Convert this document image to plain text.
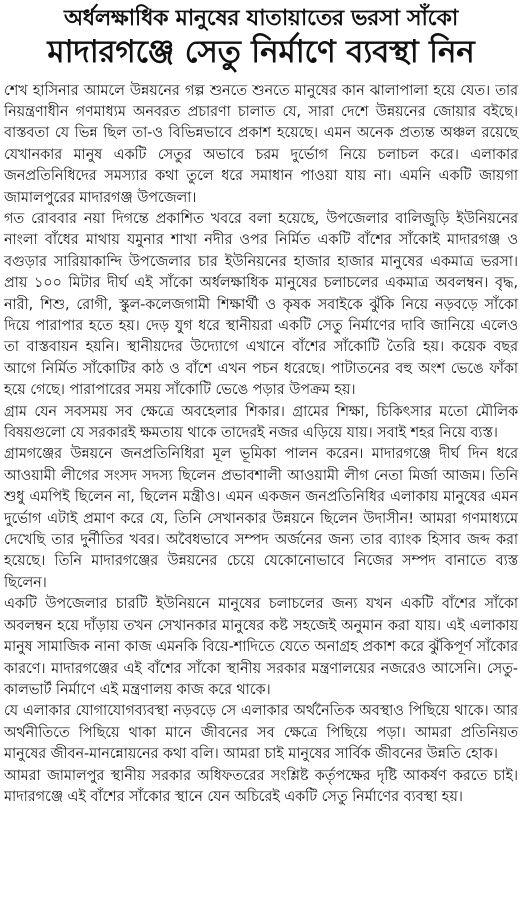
অর্ধলক্ষাধিক মানুষের যাতায়াতের ভরসা সাঁকো
মাদারগঞ্জে সেতু নির্মাণে ব্যবস্থা নিন

শেখ হাসিনার আমলে উন্নয়নের গল্প শুনতে শুনতে মানুষের কান ঝালাপালা হয়ে যেত। তার নিয়ন্ত্রণাধীন গণমাধ্যম অনবরত প্রচারণা চালাত যে, সারা দেশে উন্নয়নের জোয়ার বইছে। বাস্তবতা যে ভিন্ন ছিল তা-ও বিভিন্নভাবে প্রকাশ হয়েছে। এমন অনেক প্রত্যন্ত অঞ্চল রয়েছে যেখানকার মানুষ একটি সেতুর অভাবে চরম দুর্ভোগ নিয়ে চলাচল করে। এলাকার জনপ্রতিনিধিদের সমস্যার কথা তুলে ধরে সমাধান পাওয়া যায় না। এমনি একটি জায়গা জামালপুরের মাদারগঞ্জ উপজেলা।

গত রোববার নয়া দিগন্তে প্রকাশিত খবরে বলা হয়েছে, উপজেলার বালিজুড়ি ইউনিয়নের নাংলা বাঁধের মাথায় যমুনার শাখা নদীর ওপর নির্মিত একটি বাঁশের সাঁকোই মাদারগঞ্জ ও বগুড়ার সারিয়াকান্দি উপজেলার চার ইউনিয়নের হাজার হাজার মানুষের একমাত্র ভরসা। প্রায় ১০০ মিটার দীর্ঘ এই সাঁকো অর্ধলক্ষাধিক মানুষের চলাচলের একমাত্র অবলম্বন। বৃদ্ধ, নারী, শিশু, রোগী, স্কুল-কলেজগামী শিক্ষার্থী ও কৃষক সবাইকে ঝুঁকি নিয়ে নড়বড়ে সাঁকো দিয়ে পারাপার হতে হয়। দেড় যুগ ধরে স্থানীয়রা একটি সেতু নির্মাণের দাবি জানিয়ে এলেও তা বাস্তবায়ন হয়নি। স্থানীয়দের উদ্যোগে এখানে বাঁশের সাঁকোটি তৈরি হয়। কয়েক বছর আগে নির্মিত সাঁকোটির কাঠ ও বাঁশে এখন পচন ধরেছে। পাটাতনের বহু অংশ ভেঙে ফাঁকা হয়ে গেছে। পারাপারের সময় সাঁকোটি ভেঙে পড়ার উপক্রম হয়।

গ্রাম যেন সবসময় সব ক্ষেত্রে অবহেলার শিকার। গ্রামের শিক্ষা, চিকিৎসার মতো মৌলিক বিষয়গুলো যে সরকারই ক্ষমতায় থাকে তাদেরই নজর এড়িয়ে যায়। সবাই শহর নিয়ে ব্যস্ত।

গ্রামগঞ্জের উন্নয়নে জনপ্রতিনিধিরা মূল ভূমিকা পালন করেন। মাদারগঞ্জে দীর্ঘ দিন ধরে আওয়ামী লীগের সংসদ সদস্য ছিলেন প্রভাবশালী আওয়ামী লীগ নেতা মির্জা আজম। তিনি শুধু এমপিই ছিলেন না, ছিলেন মন্ত্রীও। এমন একজন জনপ্রতিনিধির এলাকায় মানুষের এমন দুর্ভোগ এটাই প্রমাণ করে যে, তিনি সেখানকার উন্নয়নে ছিলেন উদাসীন! আমরা গণমাধ্যমে দেখেছি তার দুর্নীতির খবর। অবৈধভাবে সম্পদ অর্জনের জন্য তার ব্যাংক হিসাব জব্দ করা হয়েছে। তিনি মাদারগঞ্জের উন্নয়নের চেয়ে যেকোনোভাবে নিজের সম্পদ বানাতে ব্যস্ত ছিলেন।

একটি উপজেলার চারটি ইউনিয়নে মানুষের চলাচলের জন্য যখন একটি বাঁশের সাঁকো অবলম্বন হয়ে দাঁড়ায় তখন সেখানকার মানুষের কষ্ট সহজেই অনুমান করা যায়। এই এলাকায় মানুষ সামাজিক নানা কাজ এমনকি বিয়ে-শাদিতে যেতে অনাগ্রহ প্রকাশ করে ঝুঁকিপূর্ণ সাঁকোর কারণে। মাদারগঞ্জের এই বাঁশের সাঁকো স্থানীয় সরকার মন্ত্রণালয়ের নজরেও আসেনি। সেতু-কালভার্ট নির্মাণে এই মন্ত্রণালয় কাজ করে থাকে।

যে এলাকার যোগাযোগব্যবস্থা নড়বড়ে সে এলাকার অর্থনৈতিক অবস্থাও পিছিয়ে থাকে। আর অর্থনীতিতে পিছিয়ে থাকা মানে জীবনের সব ক্ষেত্রে পিছিয়ে পড়া। আমরা প্রতিনিয়ত মানুষের জীবন-মানন্নোয়নের কথা বলি। আমরা চাই মানুষের সার্বিক জীবনের উন্নতি হোক।

আমরা জামালপুর স্থানীয় সরকার অধিফতরের সংশ্লিষ্ট কর্তৃপক্ষের দৃষ্টি আকর্ষণ করতে চাই। মাদারগঞ্জে এই বাঁশের সাঁকোর স্থানে যেন অচিরেই একটি সেতু নির্মাণের ব্যবস্থা হয়।
